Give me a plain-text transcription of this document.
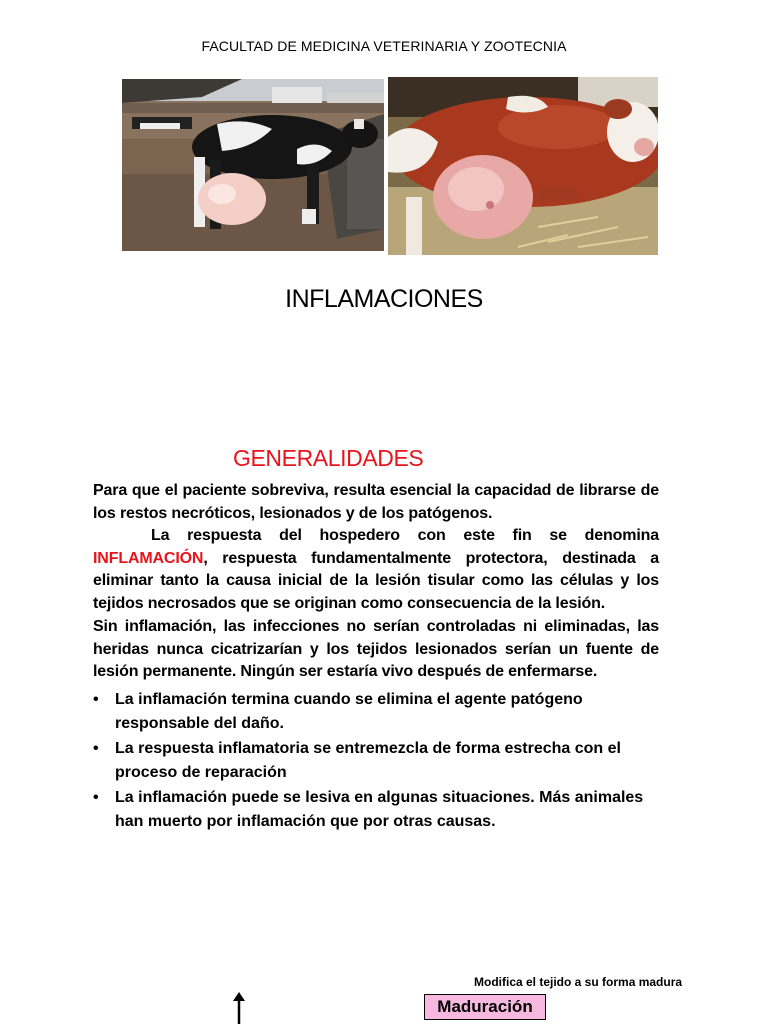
FACULTAD DE MEDICINA VETERINARIA Y ZOOTECNIA
INFLAMACIONES
GENERALIDADES
Para que el paciente sobreviva, resulta esencial la capacidad de librarse de los restos necróticos, lesionados y de los patógenos.
La respuesta del hospedero con este fin se denomina INFLAMACIÓN, respuesta fundamentalmente protectora, destinada a eliminar tanto la causa inicial de la lesión tisular como las células y los tejidos necrosados que se originan como consecuencia de la lesión.
Sin inflamación, las infecciones no serían controladas ni eliminadas, las heridas nunca cicatrizarían y los tejidos lesionados serían un fuente de lesión permanente. Ningún ser estaría vivo después de enfermarse.
• La inflamación termina cuando se elimina el agente patógeno responsable del daño.
• La respuesta inflamatoria se entremezcla de forma estrecha con el proceso de reparación
• La inflamación puede se lesiva en algunas situaciones. Más animales han muerto por inflamación que por otras causas.
Modifica el tejido a su forma madura
Maduración
